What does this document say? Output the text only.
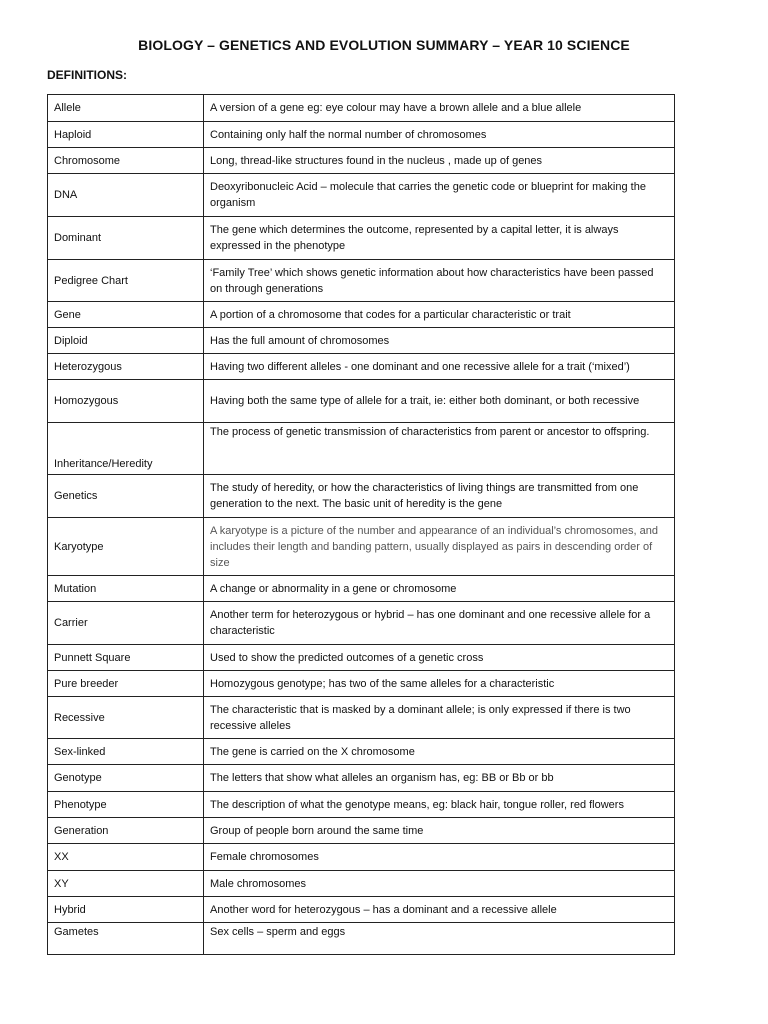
BIOLOGY – GENETICS AND EVOLUTION SUMMARY – YEAR 10 SCIENCE
DEFINITIONS:
Allele	A version of a gene eg: eye colour may have a brown allele and a blue allele
Haploid	Containing only half the normal number of chromosomes
Chromosome	Long, thread-like structures found in the nucleus , made up of genes
DNA	Deoxyribonucleic Acid – molecule that carries the genetic code or blueprint for making the organism
Dominant	The gene which determines the outcome, represented by a capital letter, it is always expressed in the phenotype
Pedigree Chart	‘Family Tree’ which shows genetic information about how characteristics have been passed on through generations
Gene	A portion of a chromosome that codes for a particular characteristic or trait
Diploid	Has the full amount of chromosomes
Heterozygous	Having two different alleles - one dominant and one recessive allele for a trait (‘mixed’)
Homozygous	Having both the same type of allele for a trait, ie: either both dominant, or both recessive
Inheritance/Heredity	The process of genetic transmission of characteristics from parent or ancestor to offspring.
Genetics	The study of heredity, or how the characteristics of living things are transmitted from one generation to the next. The basic unit of heredity is the gene
Karyotype	A karyotype is a picture of the number and appearance of an individual’s chromosomes, and includes their length and banding pattern, usually displayed as pairs in descending order of size
Mutation	A change or abnormality in a gene or chromosome
Carrier	Another term for heterozygous or hybrid – has one dominant and one recessive allele for a characteristic
Punnett Square	Used to show the predicted outcomes of a genetic cross
Pure breeder	Homozygous genotype; has two of the same alleles for a characteristic
Recessive	The characteristic that is masked by a dominant allele; is only expressed if there is two recessive alleles
Sex-linked	The gene is carried on the X chromosome
Genotype	The letters that show what alleles an organism has, eg: BB or Bb or bb
Phenotype	The description of what the genotype means, eg: black hair, tongue roller, red flowers
Generation	Group of people born around the same time
XX	Female chromosomes
XY	Male chromosomes
Hybrid	Another word for heterozygous – has a dominant and a recessive allele
Gametes	Sex cells – sperm and eggs
